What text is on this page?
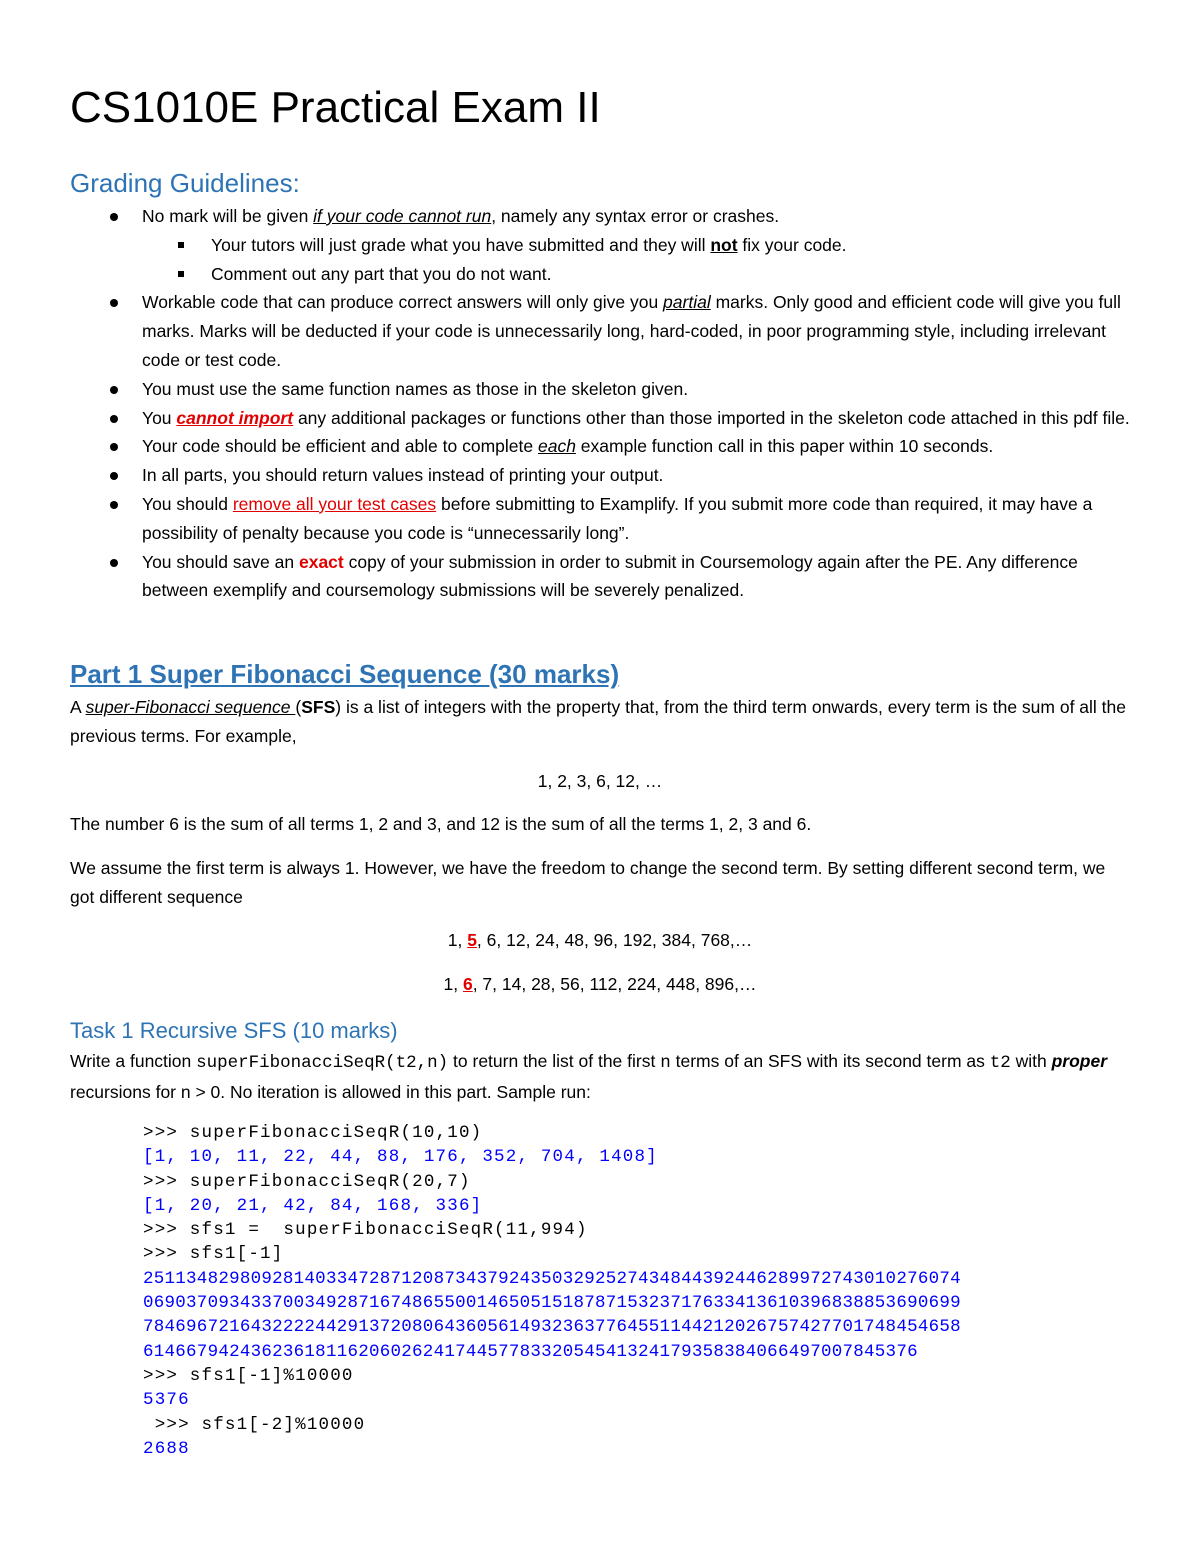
CS1010E Practical Exam II
Grading Guidelines:
No mark will be given if your code cannot run, namely any syntax error or crashes.
Your tutors will just grade what you have submitted and they will not fix your code.
Comment out any part that you do not want.
Workable code that can produce correct answers will only give you partial marks. Only good and efficient code will give you full marks. Marks will be deducted if your code is unnecessarily long, hard-coded, in poor programming style, including irrelevant code or test code.
You must use the same function names as those in the skeleton given.
You cannot import any additional packages or functions other than those imported in the skeleton code attached in this pdf file.
Your code should be efficient and able to complete each example function call in this paper within 10 seconds.
In all parts, you should return values instead of printing your output.
You should remove all your test cases before submitting to Examplify. If you submit more code than required, it may have a possibility of penalty because you code is “unnecessarily long”.
You should save an exact copy of your submission in order to submit in Coursemology again after the PE. Any difference between exemplify and coursemology submissions will be severely penalized.
Part 1 Super Fibonacci Sequence (30 marks)
A super-Fibonacci sequence (SFS) is a list of integers with the property that, from the third term onwards, every term is the sum of all the previous terms. For example,
1, 2, 3, 6, 12, …
The number 6 is the sum of all terms 1, 2 and 3, and 12 is the sum of all the terms 1, 2, 3 and 6.
We assume the first term is always 1. However, we have the freedom to change the second term. By setting different second term, we got different sequence
1, 5, 6, 12, 24, 48, 96, 192, 384, 768,…
1, 6, 7, 14, 28, 56, 112, 224, 448, 896,…
Task 1 Recursive SFS (10 marks)
Write a function superFibonacciSeqR(t2,n) to return the list of the first n terms of an SFS with its second term as t2 with proper recursions for n > 0. No iteration is allowed in this part. Sample run:
>>> superFibonacciSeqR(10,10)
[1, 10, 11, 22, 44, 88, 176, 352, 704, 1408]
>>> superFibonacciSeqR(20,7)
[1, 20, 21, 42, 84, 168, 336]
>>> sfs1 =  superFibonacciSeqR(11,994)
>>> sfs1[-1]
2511348298092814033472871208734379243503292527434844392446289972743010276074
0690370934337003492871674865500146505151878715323717633413610396838853690699
7846967216432222442913720806436056149323637764551144212026757427701748454658
614667942436236181162060262417445778332054541324179358384066497007845376
>>> sfs1[-1]%10000
5376
>>> sfs1[-2]%10000
2688
